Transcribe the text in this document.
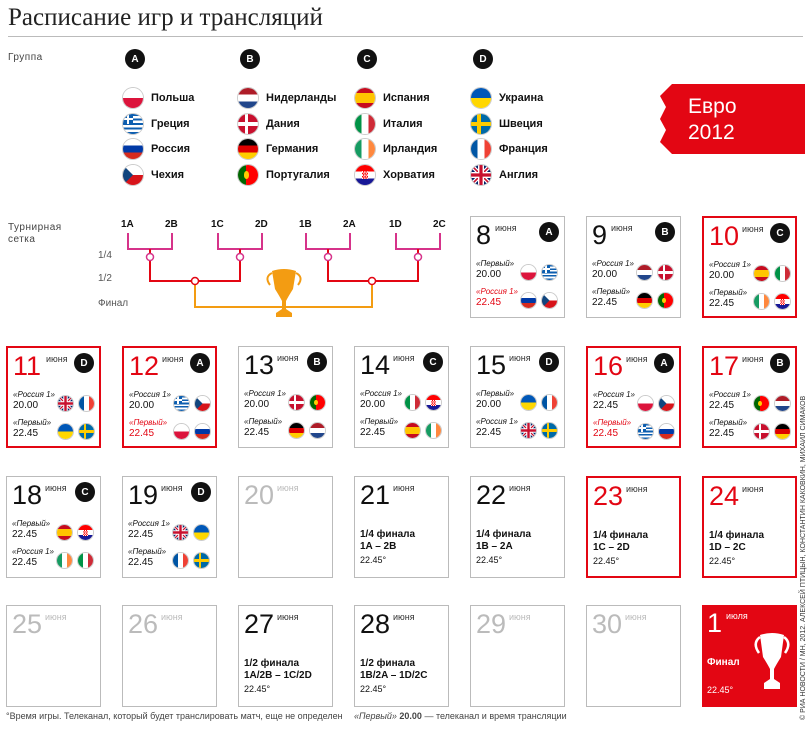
Расписание игр и трансляций
Группа
Турнирная
сетка
A
Польша
Греция
Россия
Чехия
B
Нидерланды
Дания
Германия
Португалия
C
Испания
Италия
Ирландия
Хорватия
D
Украина
Швеция
Франция
Англия
Евро
2012
1A	2B	1C	2D	1B	2A	1D	2C
1/4
1/2
Финал
8 июня	A
«Первый»
20.00
«Россия 1»
22.45
9 июня	B
«Россия 1»
20.00
«Первый»
22.45
10 июня	C
«Россия 1»
20.00
«Первый»
22.45
11 июня	D
«Россия 1»
20.00
«Первый»
22.45
12 июня	A
«Россия 1»
20.00
«Первый»
22.45
13 июня	B
«Россия 1»
20.00
«Первый»
22.45
14 июня	C
«Россия 1»
20.00
«Первый»
22.45
15 июня	D
«Первый»
20.00
«Россия 1»
22.45
16 июня	A
«Россия 1»
22.45
«Первый»
22.45
17 июня	B
«Россия 1»
22.45
«Первый»
22.45
18 июня	C
«Первый»
22.45
«Россия 1»
22.45
19 июня	D
«Россия 1»
22.45
«Первый»
22.45
20 июня 21 июня
1/4 финала
1A – 2B
22.45°
22 июня
1/4 финала
1B – 2A
22.45°
23 июня
1/4 финала
1C – 2D
22.45°
24 июня
1/4 финала
1D – 2C
22.45°
25 июня 26 июня 27 июня
1/2 финала
1A/2B – 1C/2D
22.45°
28 июня
1/2 финала
1B/2A – 1D/2C
22.45°
29 июня 30 июня 1 июля
Финал
22.45°
°Время игры. Телеканал, который будет транслировать матч, еще не определен «Первый» 20.00 — телеканал и время трансляции	© РИА НОВОСТИ / МН, 2012. АЛЕКСЕЙ ПТИЦЫН, КОНСТАНТИН КАКОВКИН, МИХАИЛ СИМАКОВ
